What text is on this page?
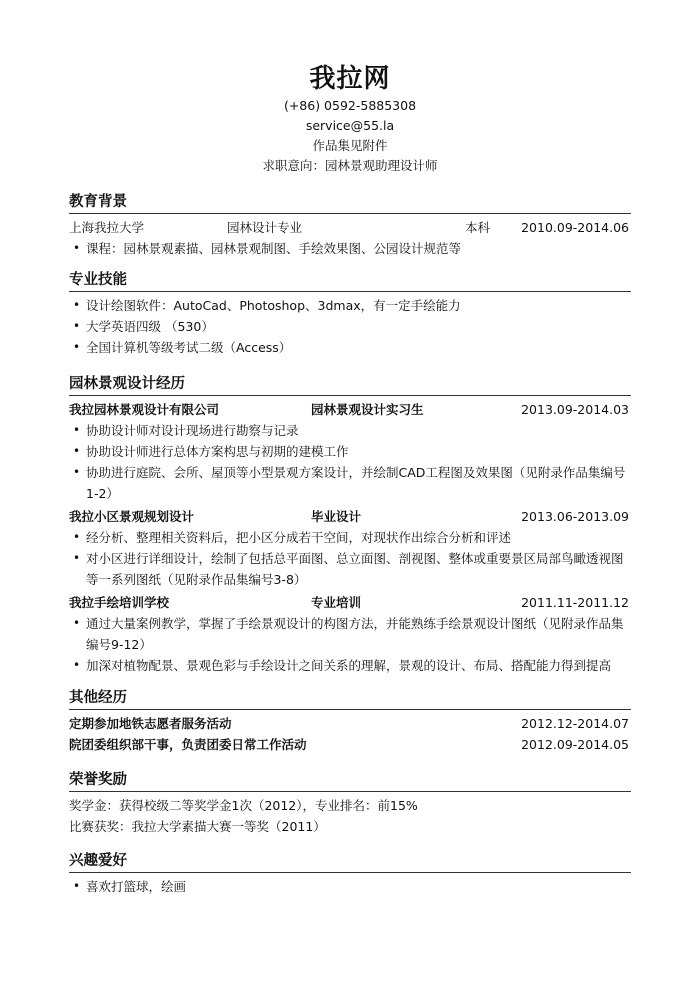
我拉网
(+86) 0592-5885308
service@55.la
作品集见附件
求职意向：园林景观助理设计师
教育背景
上海我拉大学	园林设计专业	本科 2010.09-2014.06
• 课程：园林景观素描、园林景观制图、手绘效果图、公园设计规范等
专业技能
• 设计绘图软件：AutoCad、Photoshop、3dmax，有一定手绘能力
• 大学英语四级 （530）
• 全国计算机等级考试二级（Access）
园林景观设计经历
我拉园林景观设计有限公司	园林景观设计实习生	2013.09-2014.03
• 协助设计师对设计现场进行勘察与记录
• 协助设计师进行总体方案构思与初期的建模工作
• 协助进行庭院、会所、屋顶等小型景观方案设计，并绘制CAD工程图及效果图（见附录作品集编号1-2）
我拉小区景观规划设计	毕业设计	2013.06-2013.09
• 经分析、整理相关资料后，把小区分成若干空间，对现状作出综合分析和评述
• 对小区进行详细设计，绘制了包括总平面图、总立面图、剖视图、整体或重要景区局部鸟瞰透视图等一系列图纸（见附录作品集编号3-8）
我拉手绘培训学校	专业培训	2011.11-2011.12
• 通过大量案例教学，掌握了手绘景观设计的构图方法，并能熟练手绘景观设计图纸（见附录作品集编号9-12）
• 加深对植物配景、景观色彩与手绘设计之间关系的理解，景观的设计、布局、搭配能力得到提高
其他经历
定期参加地铁志愿者服务活动	2012.12-2014.07
院团委组织部干事，负责团委日常工作活动	2012.09-2014.05
荣誉奖励
奖学金：获得校级二等奖学金1次（2012），专业排名：前15%
比赛获奖：我拉大学素描大赛一等奖（2011）
兴趣爱好
• 喜欢打篮球，绘画
